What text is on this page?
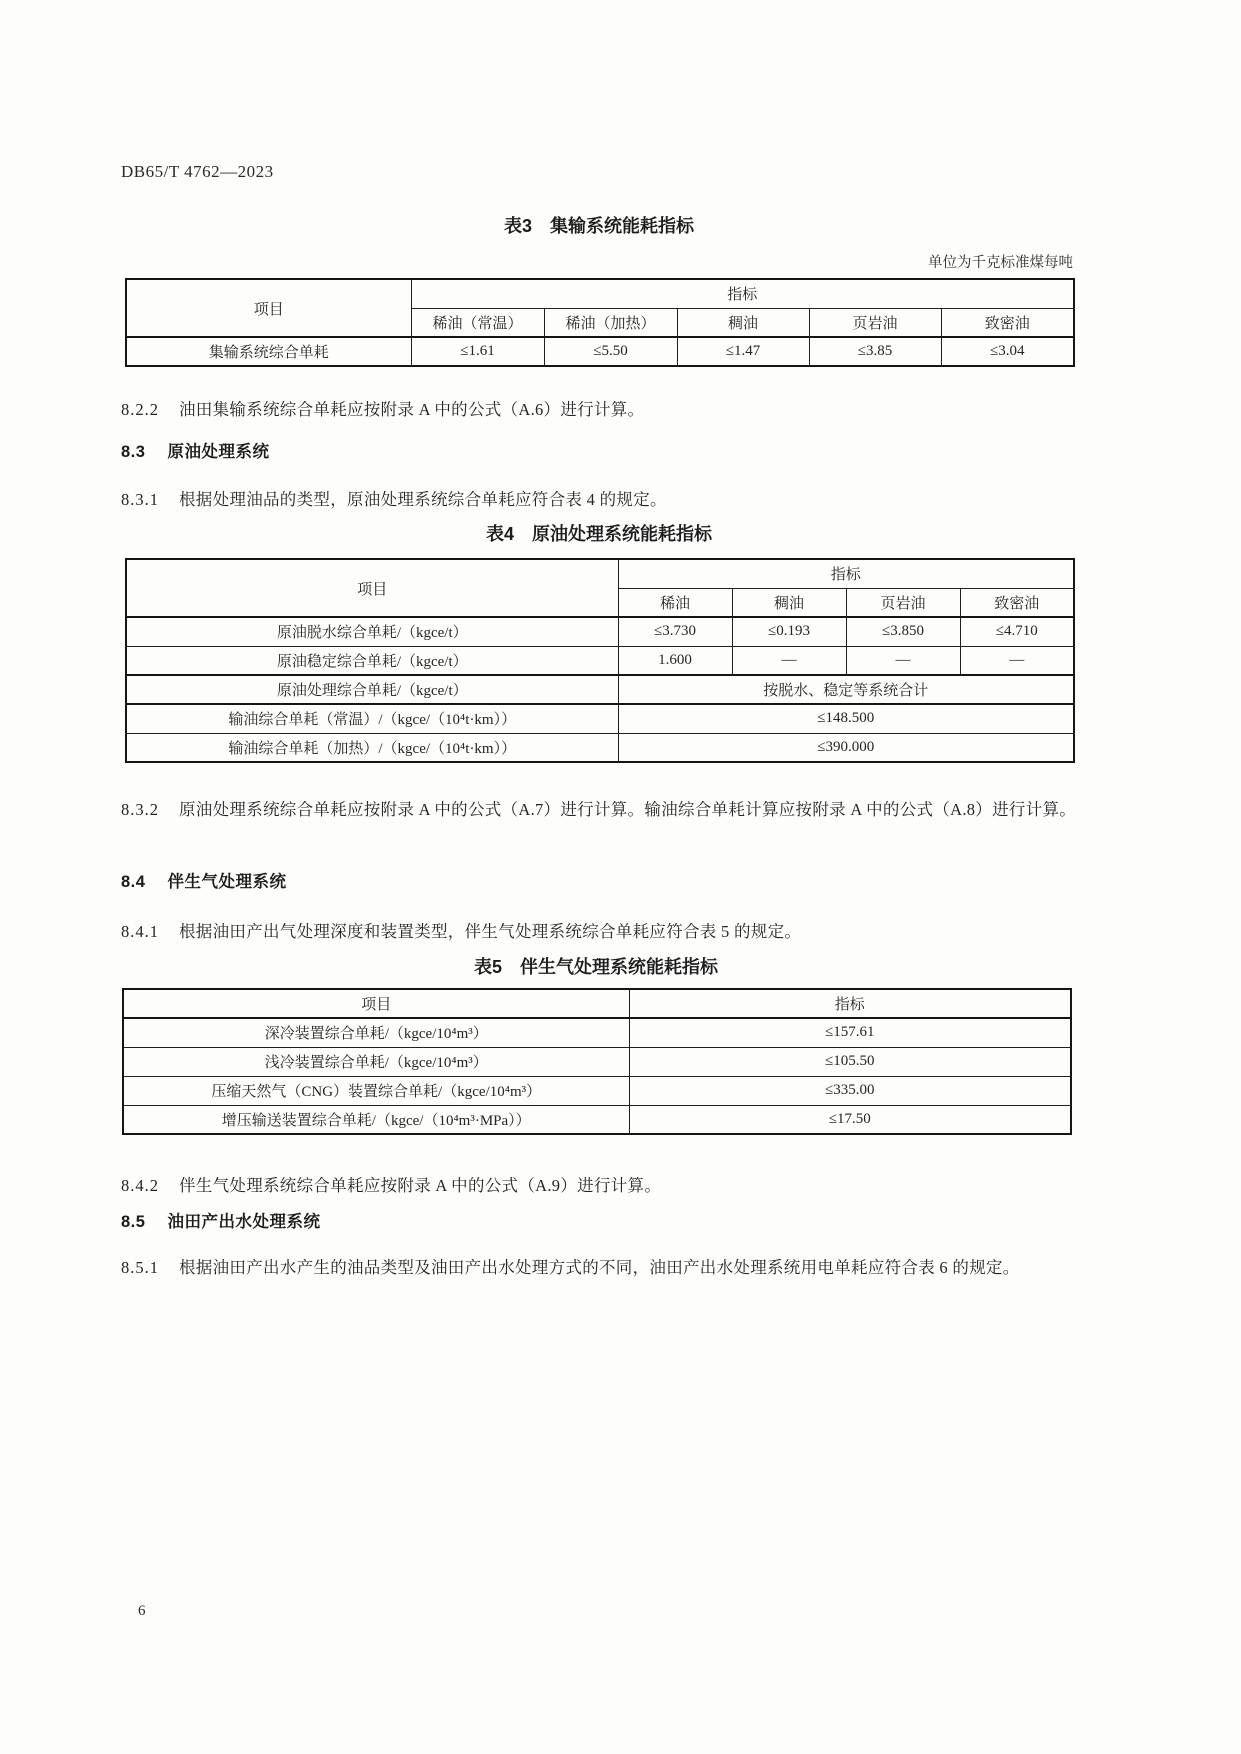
DB65/T 4762—2023
表3　集输系统能耗指标
单位为千克标准煤每吨
项目	指标				
	稀油（常温）	稀油（加热）	稠油	页岩油	致密油
集输系统综合单耗	≤1.61	≤5.50	≤1.47	≤3.85	≤3.04
8.2.2 油田集输系统综合单耗应按附录 A 中的公式（A.6）进行计算。
8.3 原油处理系统
8.3.1 根据处理油品的类型，原油处理系统综合单耗应符合表 4 的规定。
表4　原油处理系统能耗指标
项目	指标			
	稀油	稠油	页岩油	致密油
原油脱水综合单耗/（kgce/t）	≤3.730	≤0.193	≤3.850	≤4.710
原油稳定综合单耗/（kgce/t）	1.600	—	—	—
原油处理综合单耗/（kgce/t）	按脱水、稳定等系统合计			
输油综合单耗（常温）/（kgce/（10⁴t·km））	≤148.500			
输油综合单耗（加热）/（kgce/（10⁴t·km））	≤390.000			
8.3.2 原油处理系统综合单耗应按附录 A 中的公式（A.7）进行计算。输油综合单耗计算应按附录 A 中的公式（A.8）进行计算。
8.4 伴生气处理系统
8.4.1 根据油田产出气处理深度和装置类型，伴生气处理系统综合单耗应符合表 5 的规定。
表5　伴生气处理系统能耗指标
项目	指标
深冷装置综合单耗/（kgce/10⁴m³）	≤157.61
浅冷装置综合单耗/（kgce/10⁴m³）	≤105.50
压缩天然气（CNG）装置综合单耗/（kgce/10⁴m³）	≤335.00
增压输送装置综合单耗/（kgce/（10⁴m³·MPa））	≤17.50
8.4.2 伴生气处理系统综合单耗应按附录 A 中的公式（A.9）进行计算。
8.5 油田产出水处理系统
8.5.1 根据油田产出水产生的油品类型及油田产出水处理方式的不同，油田产出水处理系统用电单耗应符合表 6 的规定。
6
